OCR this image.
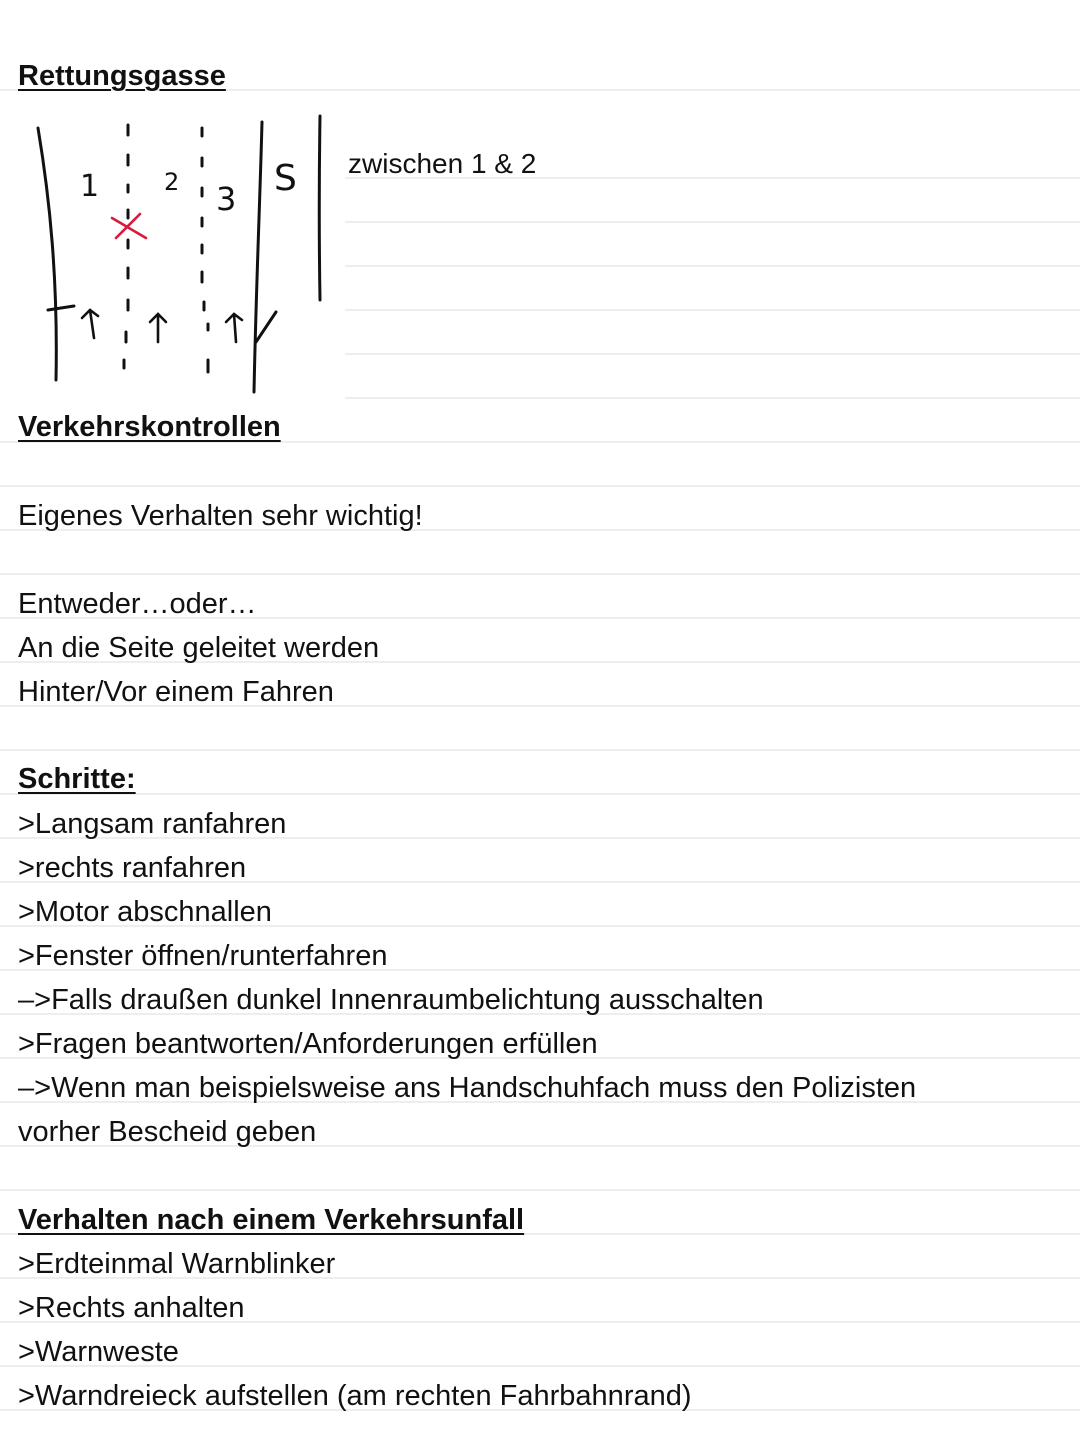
Rettungsgasse
1	2 3 S zwischen 1 & 2
Verkehrskontrollen
Eigenes Verhalten sehr wichtig!
Entweder…oder…
An die Seite geleitet werden
Hinter/Vor einem Fahren
Schritte:
>Langsam ranfahren
>rechts ranfahren
>Motor abschnallen
>Fenster öffnen/runterfahren
–>Falls draußen dunkel Innenraumbelichtung ausschalten
>Fragen beantworten/Anforderungen erfüllen
–>Wenn man beispielsweise ans Handschuhfach muss den Polizisten
vorher Bescheid geben
Verhalten nach einem Verkehrsunfall
>Erdteinmal Warnblinker
>Rechts anhalten
>Warnweste
>Warndreieck aufstellen (am rechten Fahrbahnrand)
